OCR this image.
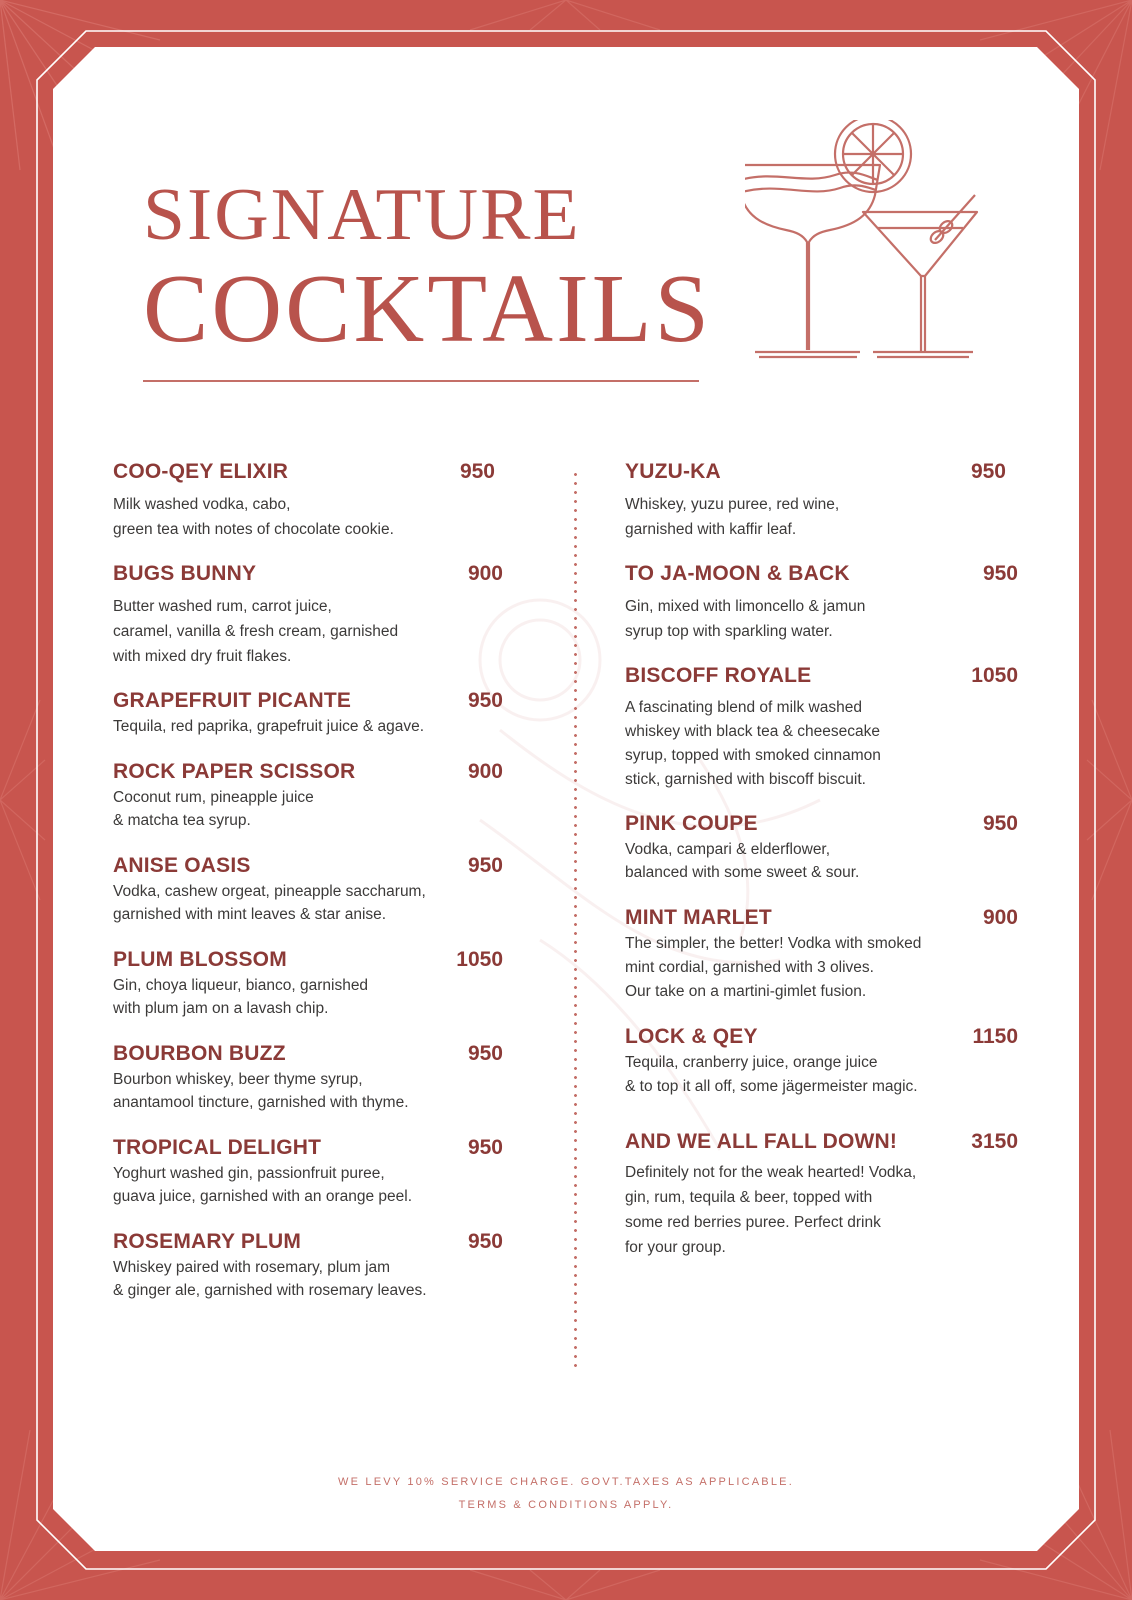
SIGNATURE
COCKTAILS
COO-QEY ELIXIR	950
Milk washed vodka, cabo,
green tea with notes of chocolate cookie.
BUGS BUNNY	900
Butter washed rum, carrot juice,
caramel, vanilla & fresh cream, garnished
with mixed dry fruit flakes.
GRAPEFRUIT PICANTE	950
Tequila, red paprika, grapefruit juice & agave.
ROCK PAPER SCISSOR	900
Coconut rum, pineapple juice
& matcha tea syrup.
ANISE OASIS	950
Vodka, cashew orgeat, pineapple saccharum,
garnished with mint leaves & star anise.
PLUM BLOSSOM	1050
Gin, choya liqueur, bianco, garnished
with plum jam on a lavash chip.
BOURBON BUZZ	950
Bourbon whiskey, beer thyme syrup,
anantamool tincture, garnished with thyme.
TROPICAL DELIGHT	950
Yoghurt washed gin, passionfruit puree,
guava juice, garnished with an orange peel.
ROSEMARY PLUM	950
Whiskey paired with rosemary, plum jam
& ginger ale, garnished with rosemary leaves.
YUZU-KA	950
Whiskey, yuzu puree, red wine,
garnished with kaffir leaf.
TO JA-MOON & BACK	950
Gin, mixed with limoncello & jamun
syrup top with sparkling water.
BISCOFF ROYALE	1050
A fascinating blend of milk washed
whiskey with black tea & cheesecake
syrup, topped with smoked cinnamon
stick, garnished with biscoff biscuit.
PINK COUPE	950
Vodka, campari & elderflower,
balanced with some sweet & sour.
MINT MARLET	900
The simpler, the better! Vodka with smoked
mint cordial, garnished with 3 olives.
Our take on a martini-gimlet fusion.
LOCK & QEY	1150
Tequila, cranberry juice, orange juice
& to top it all off, some jägermeister magic.
AND WE ALL FALL DOWN!	3150
Definitely not for the weak hearted! Vodka,
gin, rum, tequila & beer, topped with
some red berries puree. Perfect drink
for your group.
WE LEVY 10% SERVICE CHARGE. GOVT.TAXES AS APPLICABLE.
TERMS & CONDITIONS APPLY.
